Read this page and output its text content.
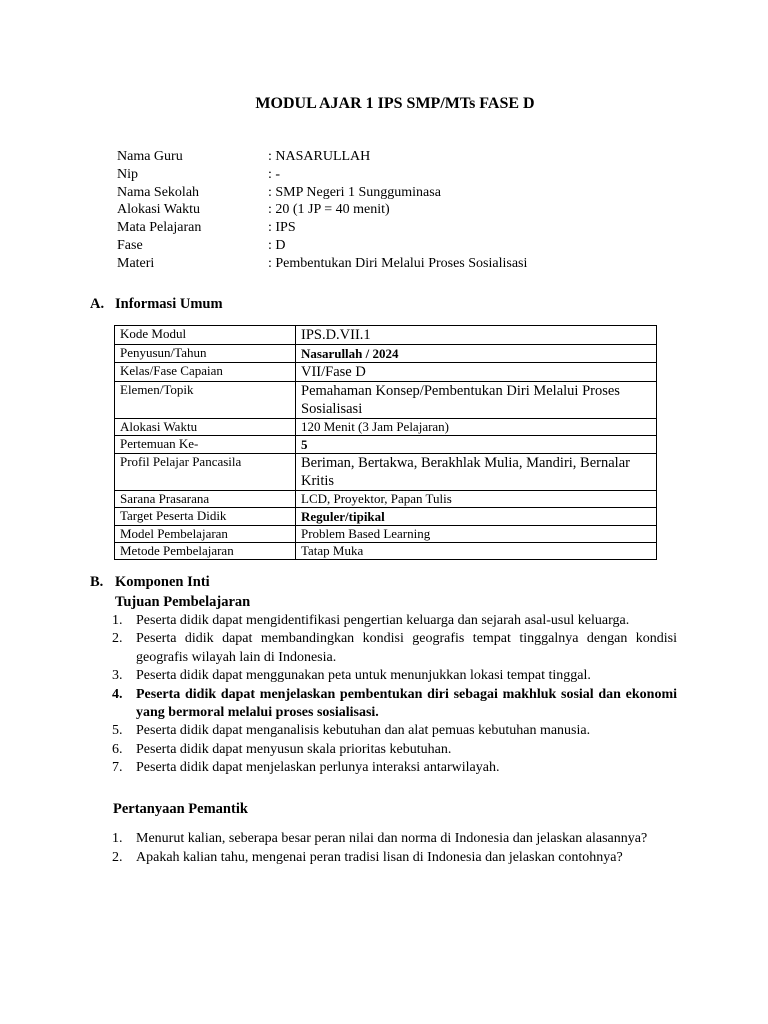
MODUL AJAR 1 IPS SMP/MTs FASE D
Nama Guru	: NASARULLAH
Nip	: -
Nama Sekolah	: SMP Negeri 1 Sungguminasa
Alokasi Waktu	: 20 (1 JP = 40 menit)
Mata Pelajaran	: IPS
Fase	: D
Materi	: Pembentukan Diri Melalui Proses Sosialisasi
A. Informasi Umum
Kode Modul	IPS.D.VII.1
Penyusun/Tahun	Nasarullah / 2024
Kelas/Fase Capaian	VII/Fase D
Elemen/Topik	Pemahaman Konsep/Pembentukan Diri Melalui Proses Sosialisasi
Alokasi Waktu	120 Menit (3 Jam Pelajaran)
Pertemuan Ke-	5
Profil Pelajar Pancasila	Beriman, Bertakwa, Berakhlak Mulia, Mandiri, Bernalar Kritis
Sarana Prasarana	LCD, Proyektor, Papan Tulis
Target Peserta Didik	Reguler/tipikal
Model Pembelajaran	Problem Based Learning
Metode Pembelajaran	Tatap Muka
B. Komponen Inti
Tujuan Pembelajaran
Peserta didik dapat mengidentifikasi pengertian keluarga dan sejarah asal-usul keluarga.
Peserta didik dapat membandingkan kondisi geografis tempat tinggalnya dengan kondisi geografis wilayah lain di Indonesia.
Peserta didik dapat menggunakan peta untuk menunjukkan lokasi tempat tinggal.
Peserta didik dapat menjelaskan pembentukan diri sebagai makhluk sosial dan ekonomi yang bermoral melalui proses sosialisasi.
Peserta didik dapat menganalisis kebutuhan dan alat pemuas kebutuhan manusia.
Peserta didik dapat menyusun skala prioritas kebutuhan.
Peserta didik dapat menjelaskan perlunya interaksi antarwilayah.
Pertanyaan Pemantik
Menurut kalian, seberapa besar peran nilai dan norma di Indonesia dan jelaskan alasannya?
Apakah kalian tahu, mengenai peran tradisi lisan di Indonesia dan jelaskan contohnya?
